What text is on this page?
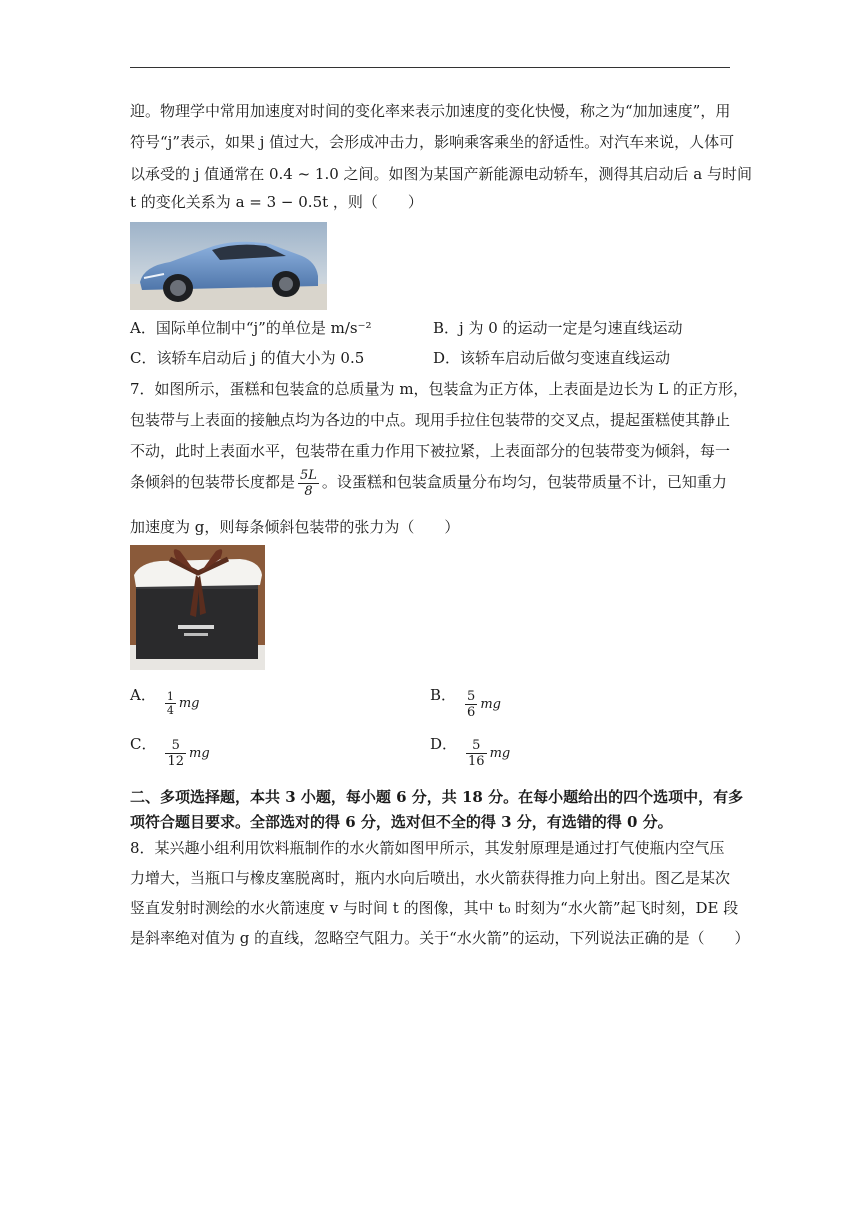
迎。物理学中常用加速度对时间的变化率来表示加速度的变化快慢，称之为“加加速度”，用
符号“j”表示，如果 j 值过大，会形成冲击力，影响乘客乘坐的舒适性。对汽车来说，人体可
以承受的 j 值通常在 0.4 ~ 1.0 之间。如图为某国产新能源电动轿车，测得其启动后 a 与时间
t 的变化关系为 a = 3 − 0.5t ，则（　　）
A．国际单位制中“j”的单位是 m/s⁻²	B．j 为 0 的运动一定是匀速直线运动
C．该轿车启动后 j 的值大小为 0.5	D．该轿车启动后做匀变速直线运动
7．如图所示，蛋糕和包装盒的总质量为 m，包装盒为正方体，上表面是边长为 L 的正方形，
包装带与上表面的接触点均为各边的中点。现用手拉住包装带的交叉点，提起蛋糕使其静止
不动，此时上表面水平，包装带在重力作用下被拉紧，上表面部分的包装带变为倾斜，每一
条倾斜的包装带长度都是 $\frac{5L}{8}$ 。设蛋糕和包装盒质量分布均匀，包装带质量不计，已知重力
加速度为 g，则每条倾斜包装带的张力为（　　）
A． $\frac{1}{4}$ mg	B． $\frac{5}{6}$ mg
C． $\frac{5}{12}$ mg	D． $\frac{5}{16}$ mg
二、多项选择题，本共 3 小题，每小题 6 分，共 18 分。在每小题给出的四个选项中，有多
项符合题目要求。全部选对的得 6 分，选对但不全的得 3 分，有选错的得 0 分。
8．某兴趣小组利用饮料瓶制作的水火箭如图甲所示，其发射原理是通过打气使瓶内空气压
力增大，当瓶口与橡皮塞脱离时，瓶内水向后喷出，水火箭获得推力向上射出。图乙是某次
竖直发射时测绘的水火箭速度 v 与时间 t 的图像，其中 t₀ 时刻为“水火箭”起飞时刻，DE 段
是斜率绝对值为 g 的直线，忽略空气阻力。关于“水火箭”的运动，下列说法正确的是（　　）
